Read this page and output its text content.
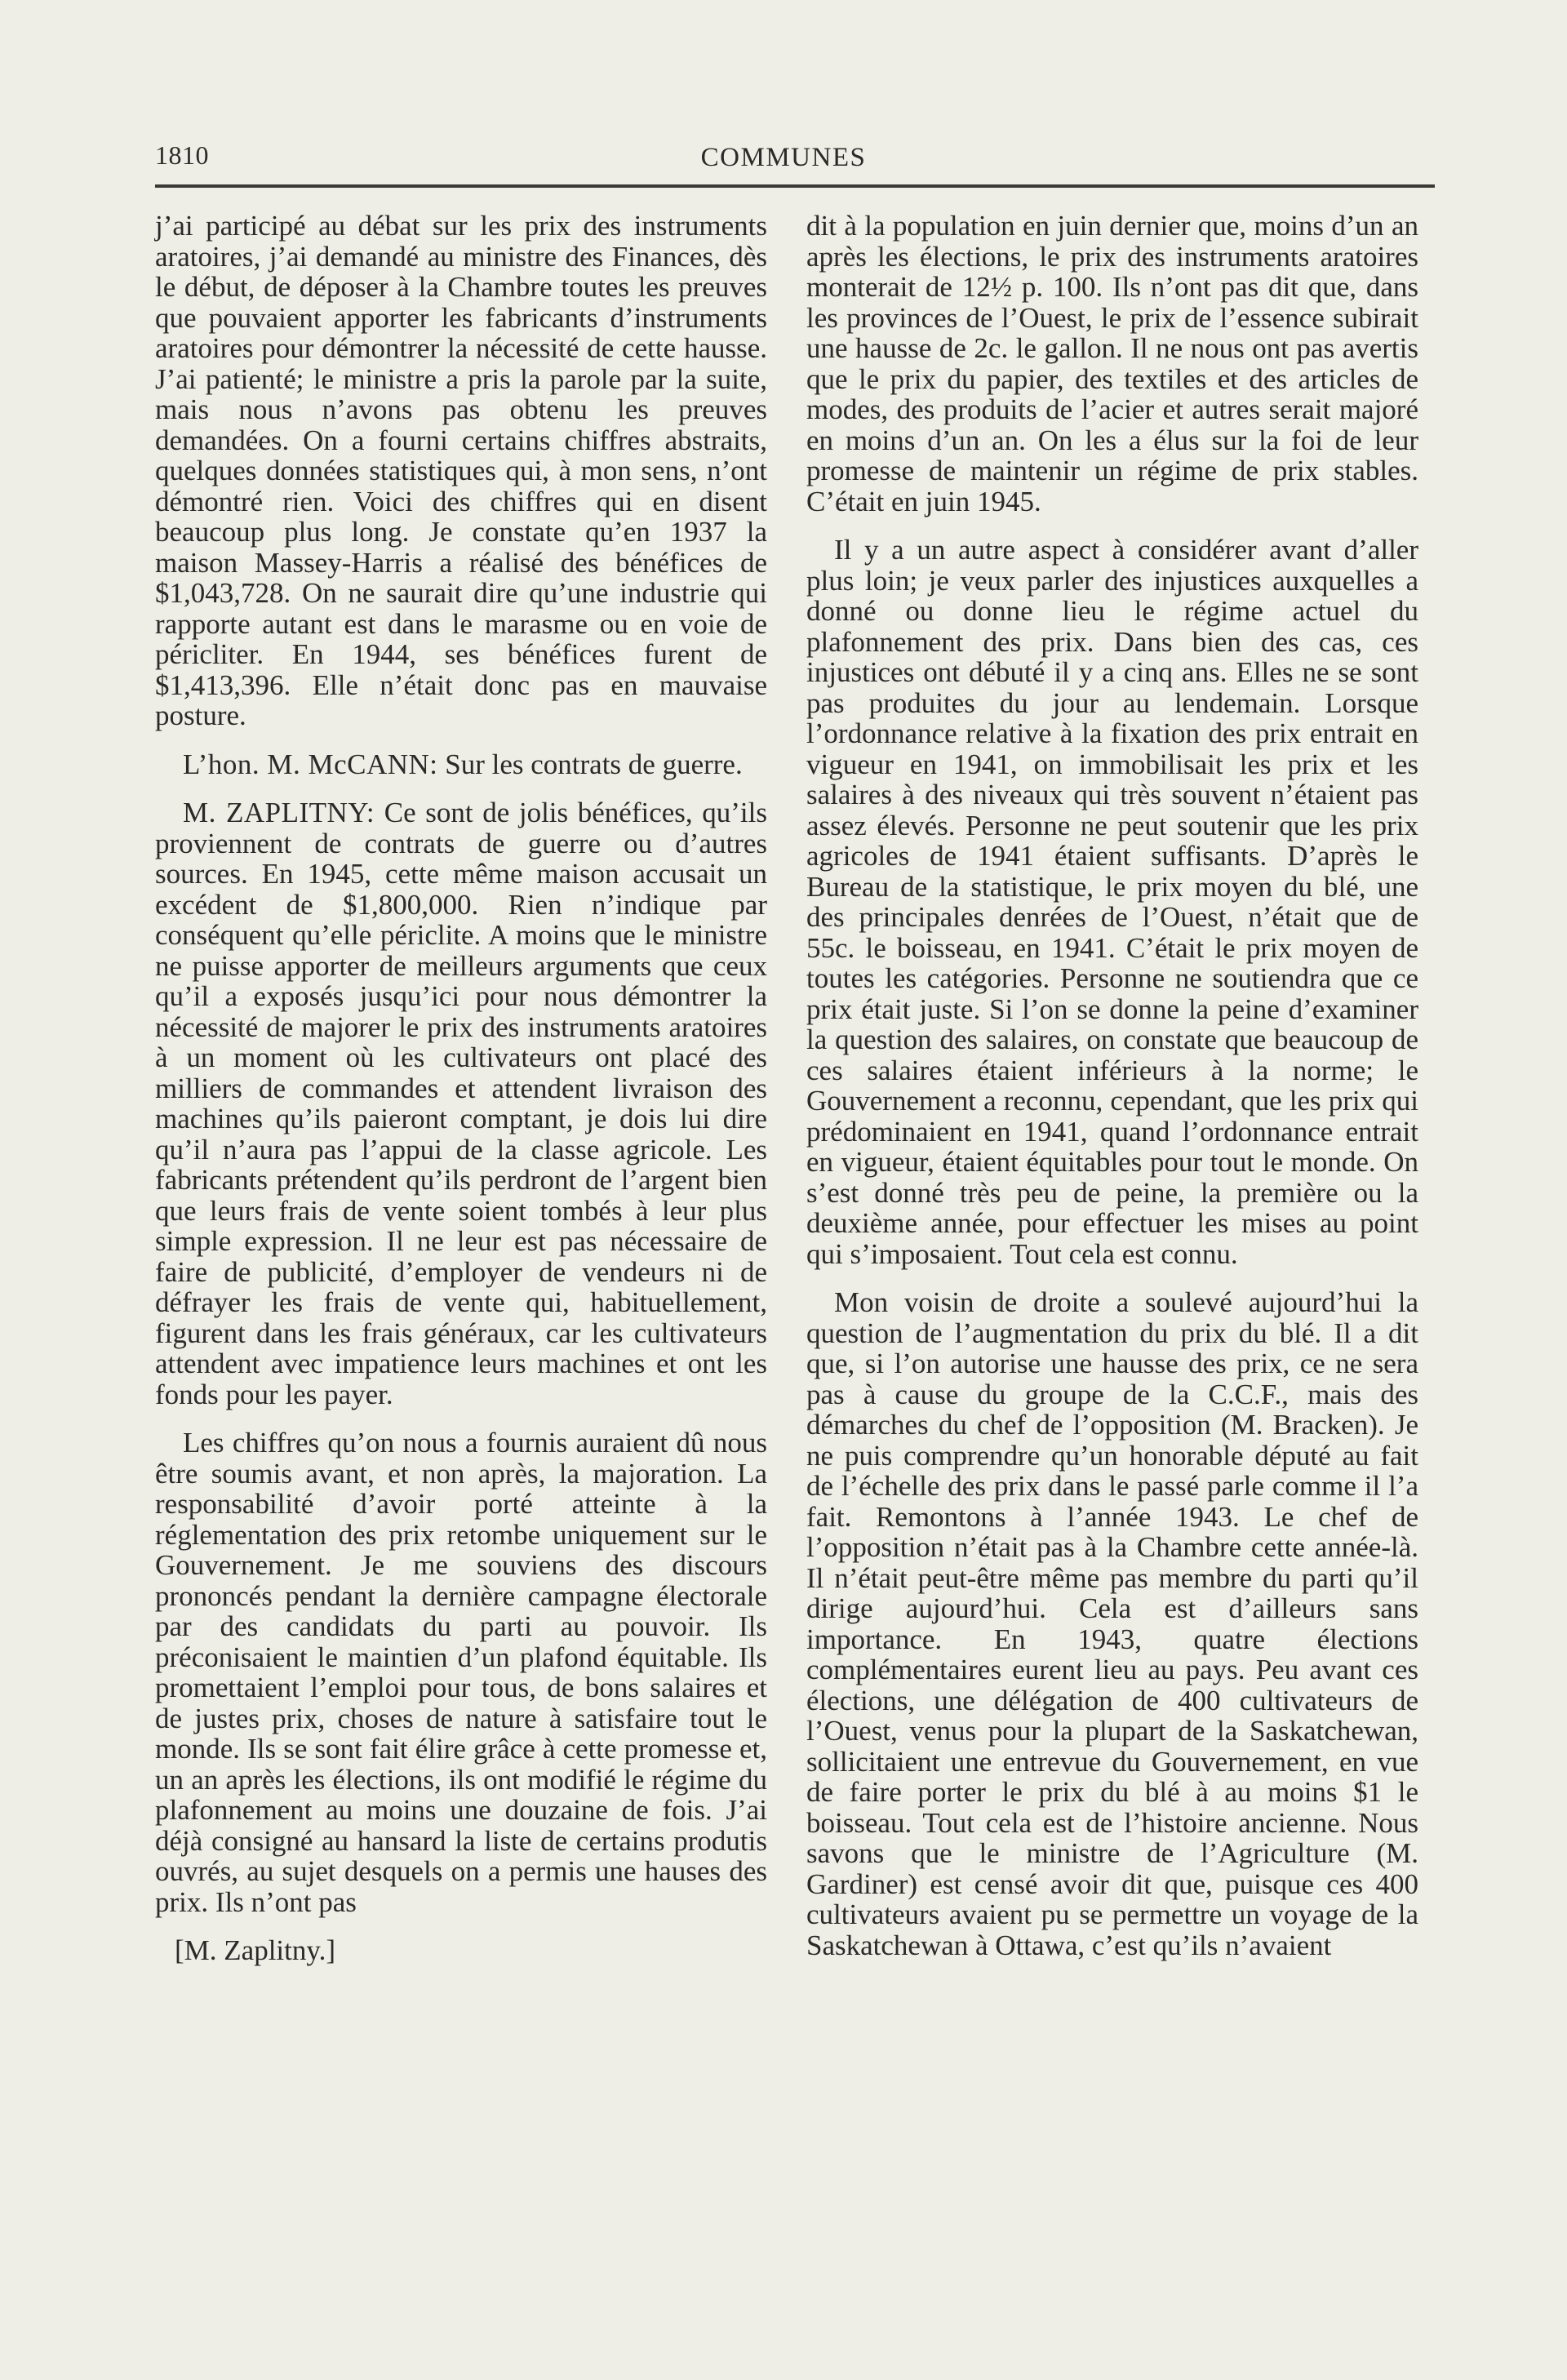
1810	COMMUNES

j’ai participé au débat sur les prix des instruments aratoires, j’ai demandé au ministre des Finances, dès le début, de déposer à la Chambre toutes les preuves que pouvaient apporter les fabricants d’instruments aratoires pour démontrer la nécessité de cette hausse. J’ai patienté; le ministre a pris la parole par la suite, mais nous n’avons pas obtenu les preuves demandées. On a fourni certains chiffres abstraits, quelques données statistiques qui, à mon sens, n’ont démontré rien. Voici des chiffres qui en disent beaucoup plus long. Je constate qu’en 1937 la maison Massey-Harris a réalisé des bénéfices de $1,043,728. On ne saurait dire qu’une industrie qui rapporte autant est dans le marasme ou en voie de péricliter. En 1944, ses bénéfices furent de $1,413,396. Elle n’était donc pas en mauvaise posture.

L’hon. M. McCANN: Sur les contrats de guerre.

M. ZAPLITNY: Ce sont de jolis bénéfices, qu’ils proviennent de contrats de guerre ou d’autres sources. En 1945, cette même maison accusait un excédent de $1,800,000. Rien n’indique par conséquent qu’elle périclite. A moins que le ministre ne puisse apporter de meilleurs arguments que ceux qu’il a exposés jusqu’ici pour nous démontrer la nécessité de majorer le prix des instruments aratoires à un moment où les cultivateurs ont placé des milliers de commandes et attendent livraison des machines qu’ils paieront comptant, je dois lui dire qu’il n’aura pas l’appui de la classe agricole. Les fabricants prétendent qu’ils perdront de l’argent bien que leurs frais de vente soient tombés à leur plus simple expression. Il ne leur est pas nécessaire de faire de publicité, d’employer de vendeurs ni de défrayer les frais de vente qui, habituellement, figurent dans les frais généraux, car les cultivateurs attendent avec impatience leurs machines et ont les fonds pour les payer.

Les chiffres qu’on nous a fournis auraient dû nous être soumis avant, et non après, la majoration. La responsabilité d’avoir porté atteinte à la réglementation des prix retombe uniquement sur le Gouvernement. Je me souviens des discours prononcés pendant la dernière campagne électorale par des candidats du parti au pouvoir. Ils préconisaient le maintien d’un plafond équitable. Ils promettaient l’emploi pour tous, de bons salaires et de justes prix, choses de nature à satisfaire tout le monde. Ils se sont fait élire grâce à cette promesse et, un an après les élections, ils ont modifié le régime du plafonnement au moins une douzaine de fois. J’ai déjà consigné au hansard la liste de certains produtis ouvrés, au sujet desquels on a permis une hauses des prix. Ils n’ont pas

[M. Zaplitny.]

dit à la population en juin dernier que, moins d’un an après les élections, le prix des instruments aratoires monterait de 12½ p. 100. Ils n’ont pas dit que, dans les provinces de l’Ouest, le prix de l’essence subirait une hausse de 2c. le gallon. Il ne nous ont pas avertis que le prix du papier, des textiles et des articles de modes, des produits de l’acier et autres serait majoré en moins d’un an. On les a élus sur la foi de leur promesse de maintenir un régime de prix stables. C’était en juin 1945.

Il y a un autre aspect à considérer avant d’aller plus loin; je veux parler des injustices auxquelles a donné ou donne lieu le régime actuel du plafonnement des prix. Dans bien des cas, ces injustices ont débuté il y a cinq ans. Elles ne se sont pas produites du jour au lendemain. Lorsque l’ordonnance relative à la fixation des prix entrait en vigueur en 1941, on immobilisait les prix et les salaires à des niveaux qui très souvent n’étaient pas assez élevés. Personne ne peut soutenir que les prix agricoles de 1941 étaient suffisants. D’après le Bureau de la statistique, le prix moyen du blé, une des principales denrées de l’Ouest, n’était que de 55c. le boisseau, en 1941. C’était le prix moyen de toutes les catégories. Personne ne soutiendra que ce prix était juste. Si l’on se donne la peine d’examiner la question des salaires, on constate que beaucoup de ces salaires étaient inférieurs à la norme; le Gouvernement a reconnu, cependant, que les prix qui prédominaient en 1941, quand l’ordonnance entrait en vigueur, étaient équitables pour tout le monde. On s’est donné très peu de peine, la première ou la deuxième année, pour effectuer les mises au point qui s’imposaient. Tout cela est connu.

Mon voisin de droite a soulevé aujourd’hui la question de l’augmentation du prix du blé. Il a dit que, si l’on autorise une hausse des prix, ce ne sera pas à cause du groupe de la C.C.F., mais des démarches du chef de l’opposition (M. Bracken). Je ne puis comprendre qu’un honorable député au fait de l’échelle des prix dans le passé parle comme il l’a fait. Remontons à l’année 1943. Le chef de l’opposition n’était pas à la Chambre cette année-là. Il n’était peut-être même pas membre du parti qu’il dirige aujourd’hui. Cela est d’ailleurs sans importance. En 1943, quatre élections complémentaires eurent lieu au pays. Peu avant ces élections, une délégation de 400 cultivateurs de l’Ouest, venus pour la plupart de la Saskatchewan, sollicitaient une entrevue du Gouvernement, en vue de faire porter le prix du blé à au moins $1 le boisseau. Tout cela est de l’histoire ancienne. Nous savons que le ministre de l’Agriculture (M. Gardiner) est censé avoir dit que, puisque ces 400 cultivateurs avaient pu se permettre un voyage de la Saskatchewan à Ottawa, c’est qu’ils n’avaient
